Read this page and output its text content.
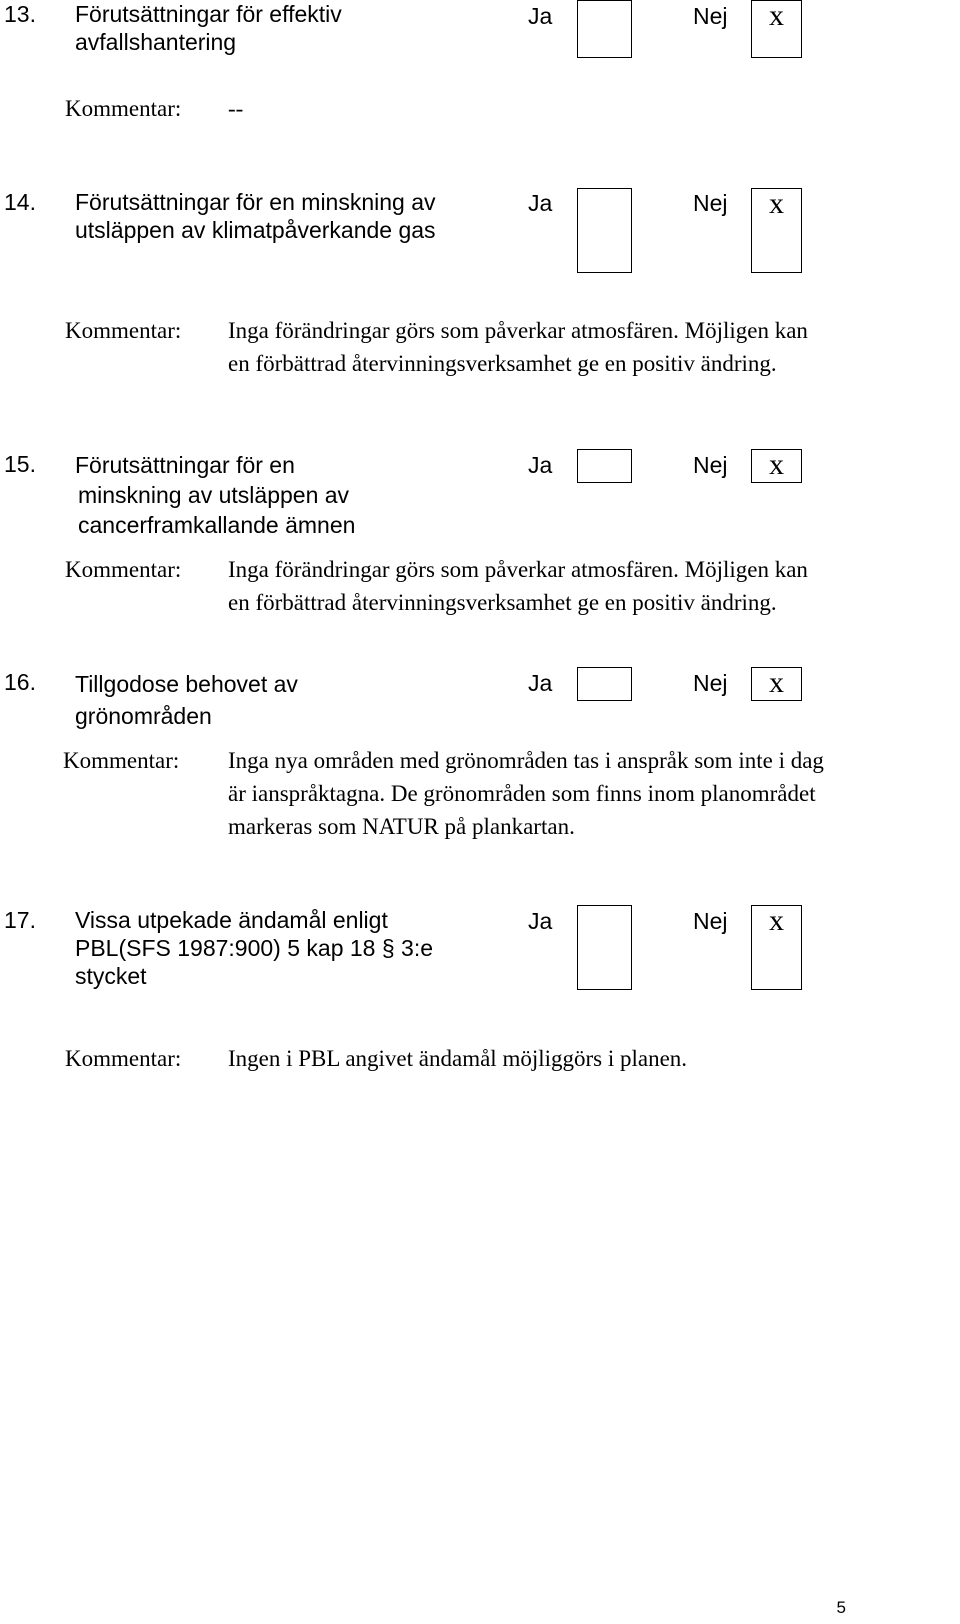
13. Förutsättningar för effektiv
avfallshantering
Ja	Nej	x
Kommentar: --
14. Förutsättningar för en minskning av
utsläppen av klimatpåverkande gas
Ja	Nej	x
Kommentar: Inga förändringar görs som påverkar atmosfären. Möjligen kan
en förbättrad återvinningsverksamhet ge en positiv ändring.
15. Förutsättningar för en
minskning av utsläppen av
cancerframkallande ämnen
Ja	Nej	x
Kommentar: Inga förändringar görs som påverkar atmosfären. Möjligen kan
en förbättrad återvinningsverksamhet ge en positiv ändring.
16. Tillgodose behovet av
grönområden
Ja	Nej	x
Kommentar: Inga nya områden med grönområden tas i anspråk som inte i dag
är ianspråktagna. De grönområden som finns inom planområdet
markeras som NATUR på plankartan.
17. Vissa utpekade ändamål enligt
PBL(SFS 1987:900) 5 kap 18 § 3:e
stycket
Ja	Nej	x
Kommentar: Ingen i PBL angivet ändamål möjliggörs i planen.
5
